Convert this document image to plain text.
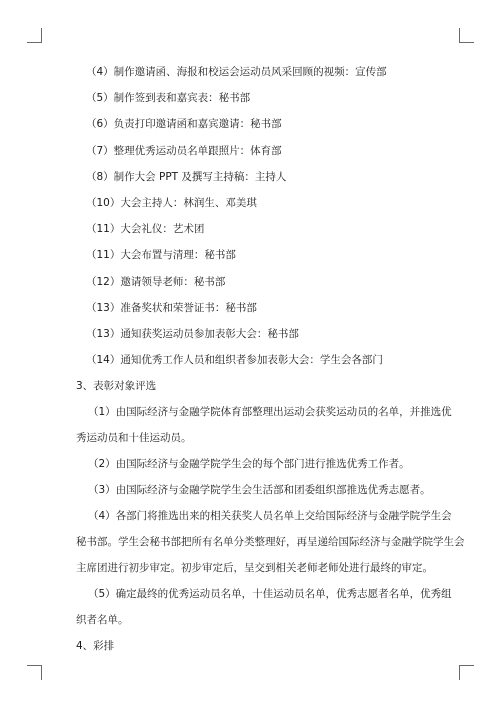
（4）制作邀请函、海报和校运会运动员风采回顾的视频：宣传部

（5）制作签到表和嘉宾表：秘书部

（6）负责打印邀请函和嘉宾邀请：秘书部

（7）整理优秀运动员名单跟照片：体育部

（8）制作大会 PPT 及撰写主持稿：主持人

（10）大会主持人：林润生、邓美琪

（11）大会礼仪：艺术团

（11）大会布置与清理：秘书部

（12）邀请领导老师：秘书部

（13）准备奖状和荣誉证书：秘书部

（13）通知获奖运动员参加表彰大会：秘书部

（14）通知优秀工作人员和组织者参加表彰大会：学生会各部门

3、表彰对象评选

（1）由国际经济与金融学院体育部整理出运动会获奖运动员的名单，并推选优
秀运动员和十佳运动员。
（2）由国际经济与金融学院学生会的每个部门进行推选优秀工作者。
（3）由国际经济与金融学院学生会生活部和团委组织部推选优秀志愿者。
（4）各部门将推选出来的相关获奖人员名单上交给国际经济与金融学院学生会
秘书部。学生会秘书部把所有名单分类整理好，再呈递给国际经济与金融学院学生会
主席团进行初步审定。初步审定后，呈交到相关老师老师处进行最终的审定。
（5）确定最终的优秀运动员名单，十佳运动员名单，优秀志愿者名单，优秀组
织者名单。

4、彩排
